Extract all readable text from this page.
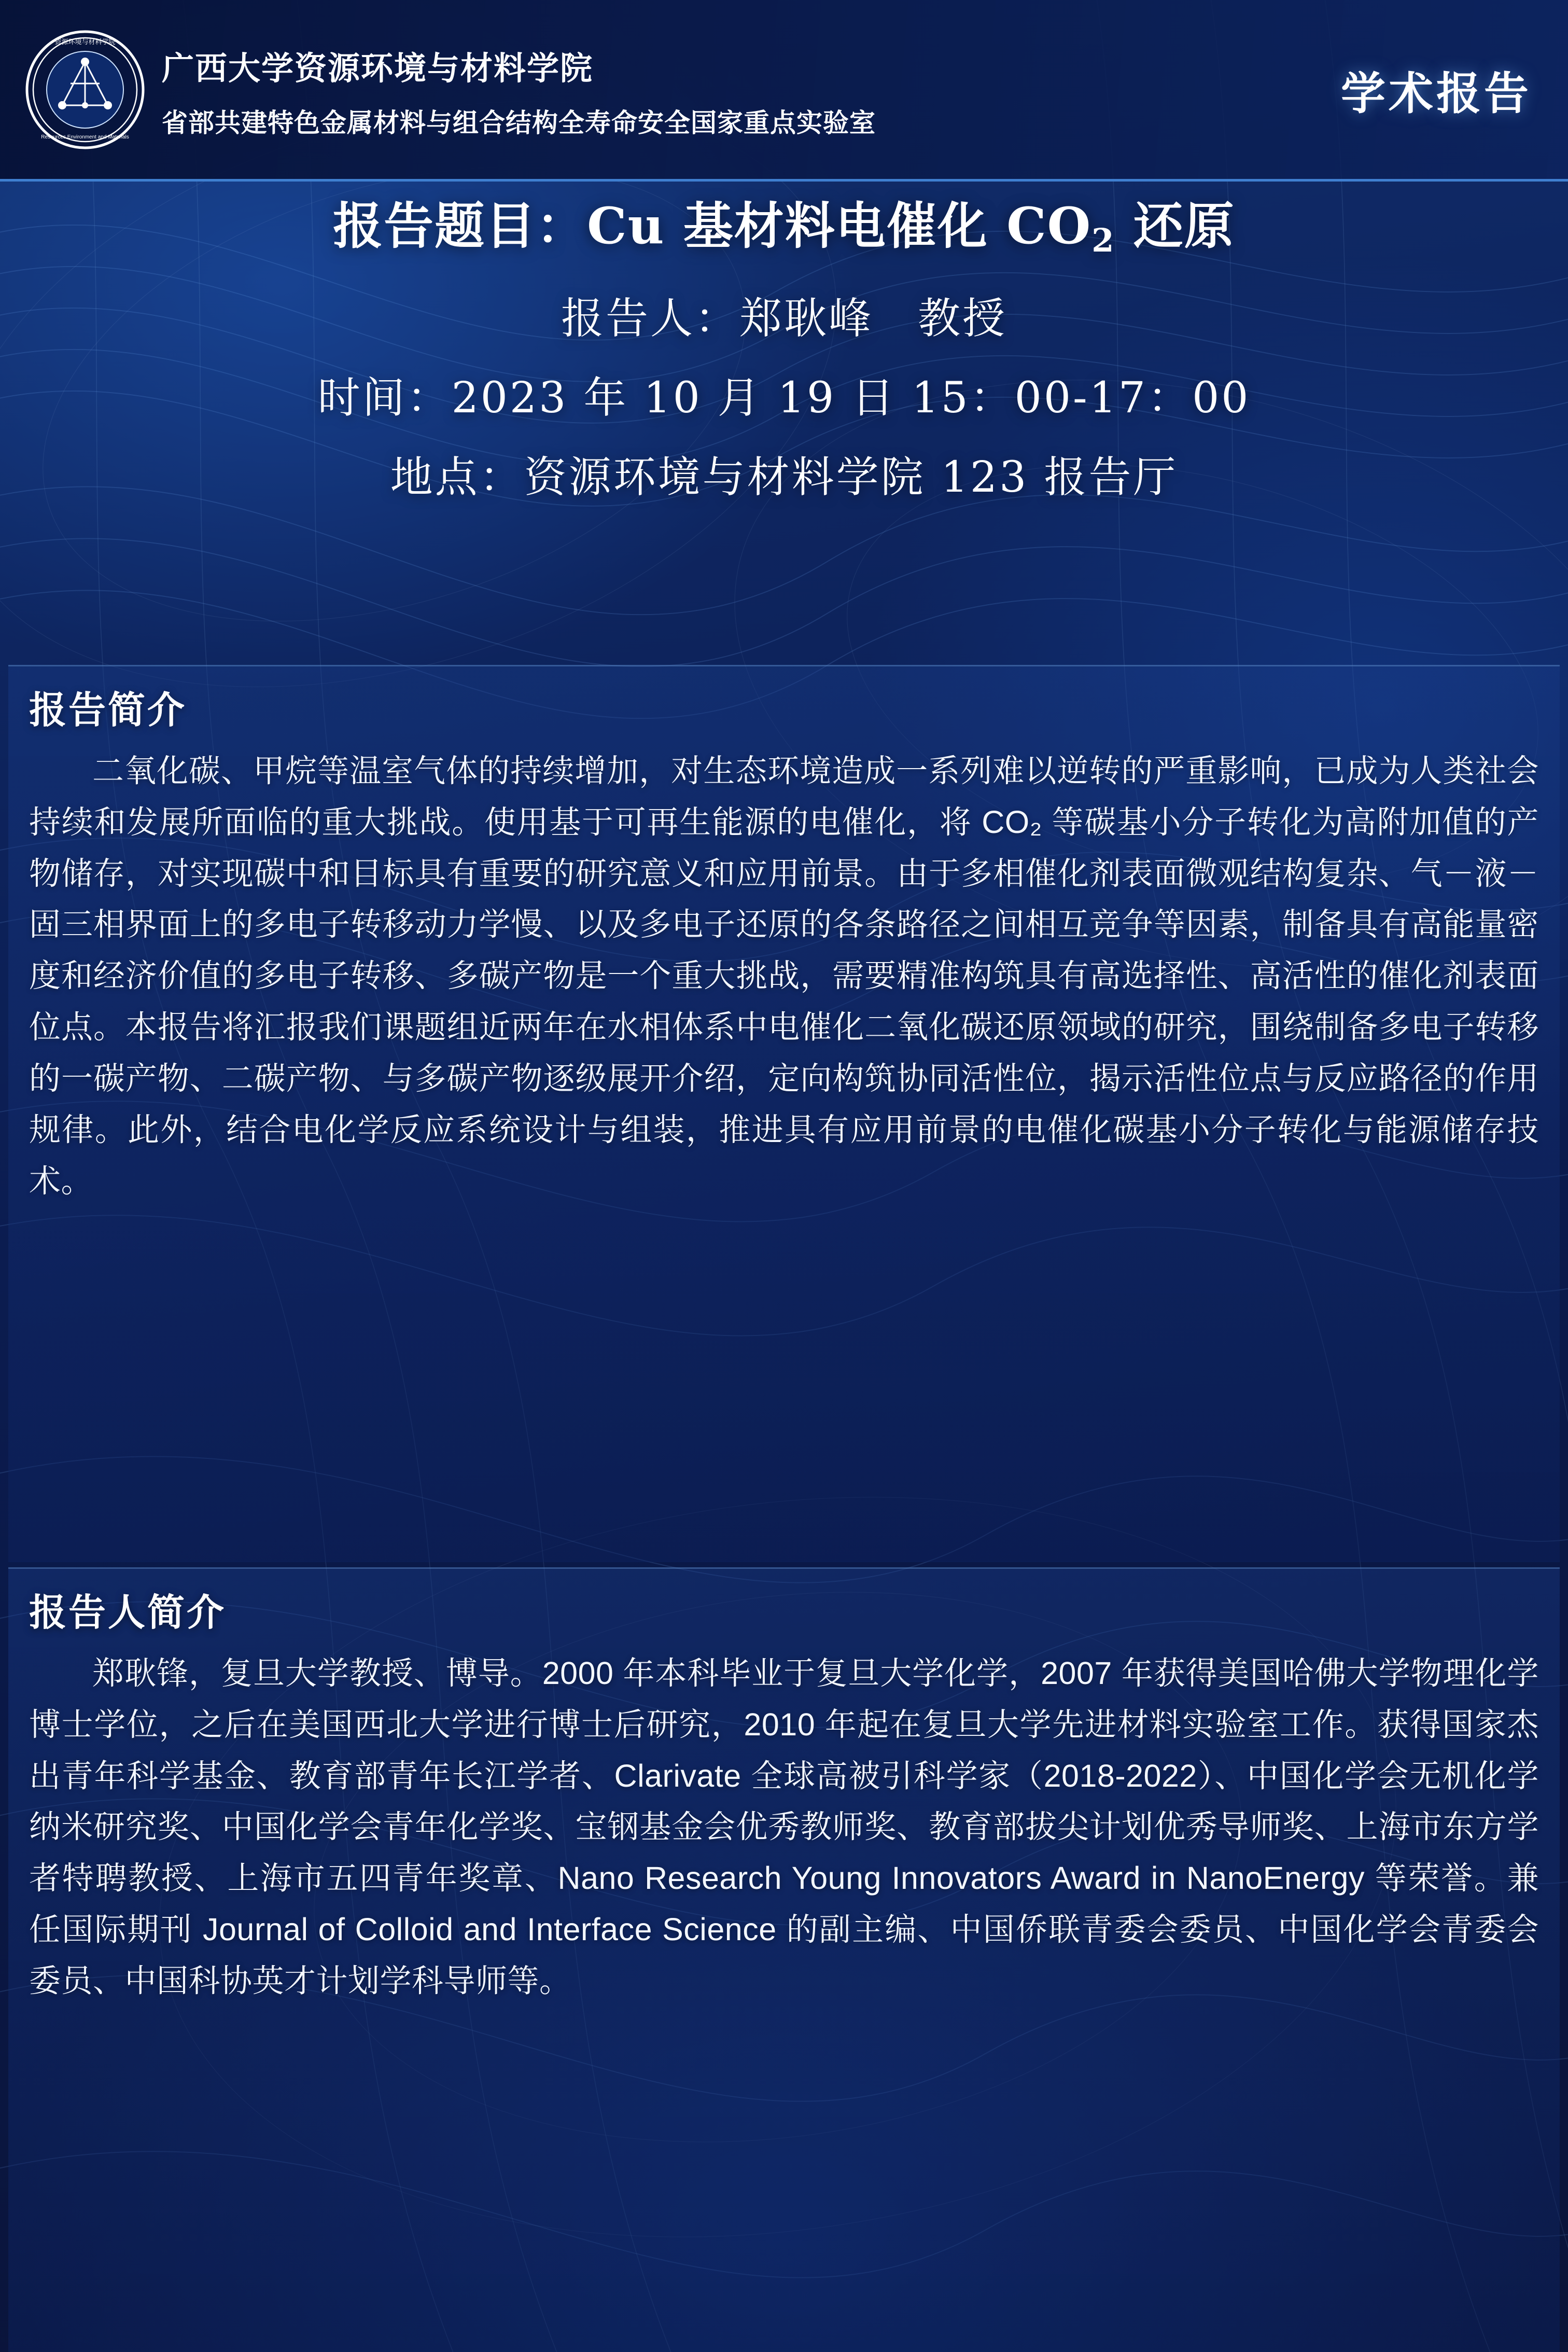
资源环境与材料学院
Resources Environment and Materials
广西大学资源环境与材料学院
省部共建特色金属材料与组合结构全寿命安全国家重点实验室
学术报告
报告题目：Cu 基材料电催化 $CO_2$ 还原
报告人：郑耿峰　教授
时间：2023 年 10 月 19 日 15：00-17：00
地点：资源环境与材料学院 123 报告厅
报告简介
二氧化碳、甲烷等温室气体的持续增加，对生态环境造成一系列难以逆转的严重影响，已成为人类社会持续和发展所面临的重大挑战。使用基于可再生能源的电催化，将 CO₂ 等碳基小分子转化为高附加值的产物储存，对实现碳中和目标具有重要的研究意义和应用前景。由于多相催化剂表面微观结构复杂、气－液－固三相界面上的多电子转移动力学慢、以及多电子还原的各条路径之间相互竞争等因素，制备具有高能量密度和经济价值的多电子转移、多碳产物是一个重大挑战，需要精准构筑具有高选择性、高活性的催化剂表面位点。本报告将汇报我们课题组近两年在水相体系中电催化二氧化碳还原领域的研究，围绕制备多电子转移的一碳产物、二碳产物、与多碳产物逐级展开介绍，定向构筑协同活性位，揭示活性位点与反应路径的作用规律。此外，结合电化学反应系统设计与组装，推进具有应用前景的电催化碳基小分子转化与能源储存技术。
报告人简介
郑耿锋，复旦大学教授、博导。2000 年本科毕业于复旦大学化学，2007 年获得美国哈佛大学物理化学博士学位，之后在美国西北大学进行博士后研究，2010 年起在复旦大学先进材料实验室工作。获得国家杰出青年科学基金、教育部青年长江学者、Clarivate 全球高被引科学家（2018-2022）、中国化学会无机化学纳米研究奖、中国化学会青年化学奖、宝钢基金会优秀教师奖、教育部拔尖计划优秀导师奖、上海市东方学者特聘教授、上海市五四青年奖章、Nano Research Young Innovators Award in NanoEnergy 等荣誉。兼任国际期刊 Journal of Colloid and Interface Science 的副主编、中国侨联青委会委员、中国化学会青委会委员、中国科协英才计划学科导师等。
